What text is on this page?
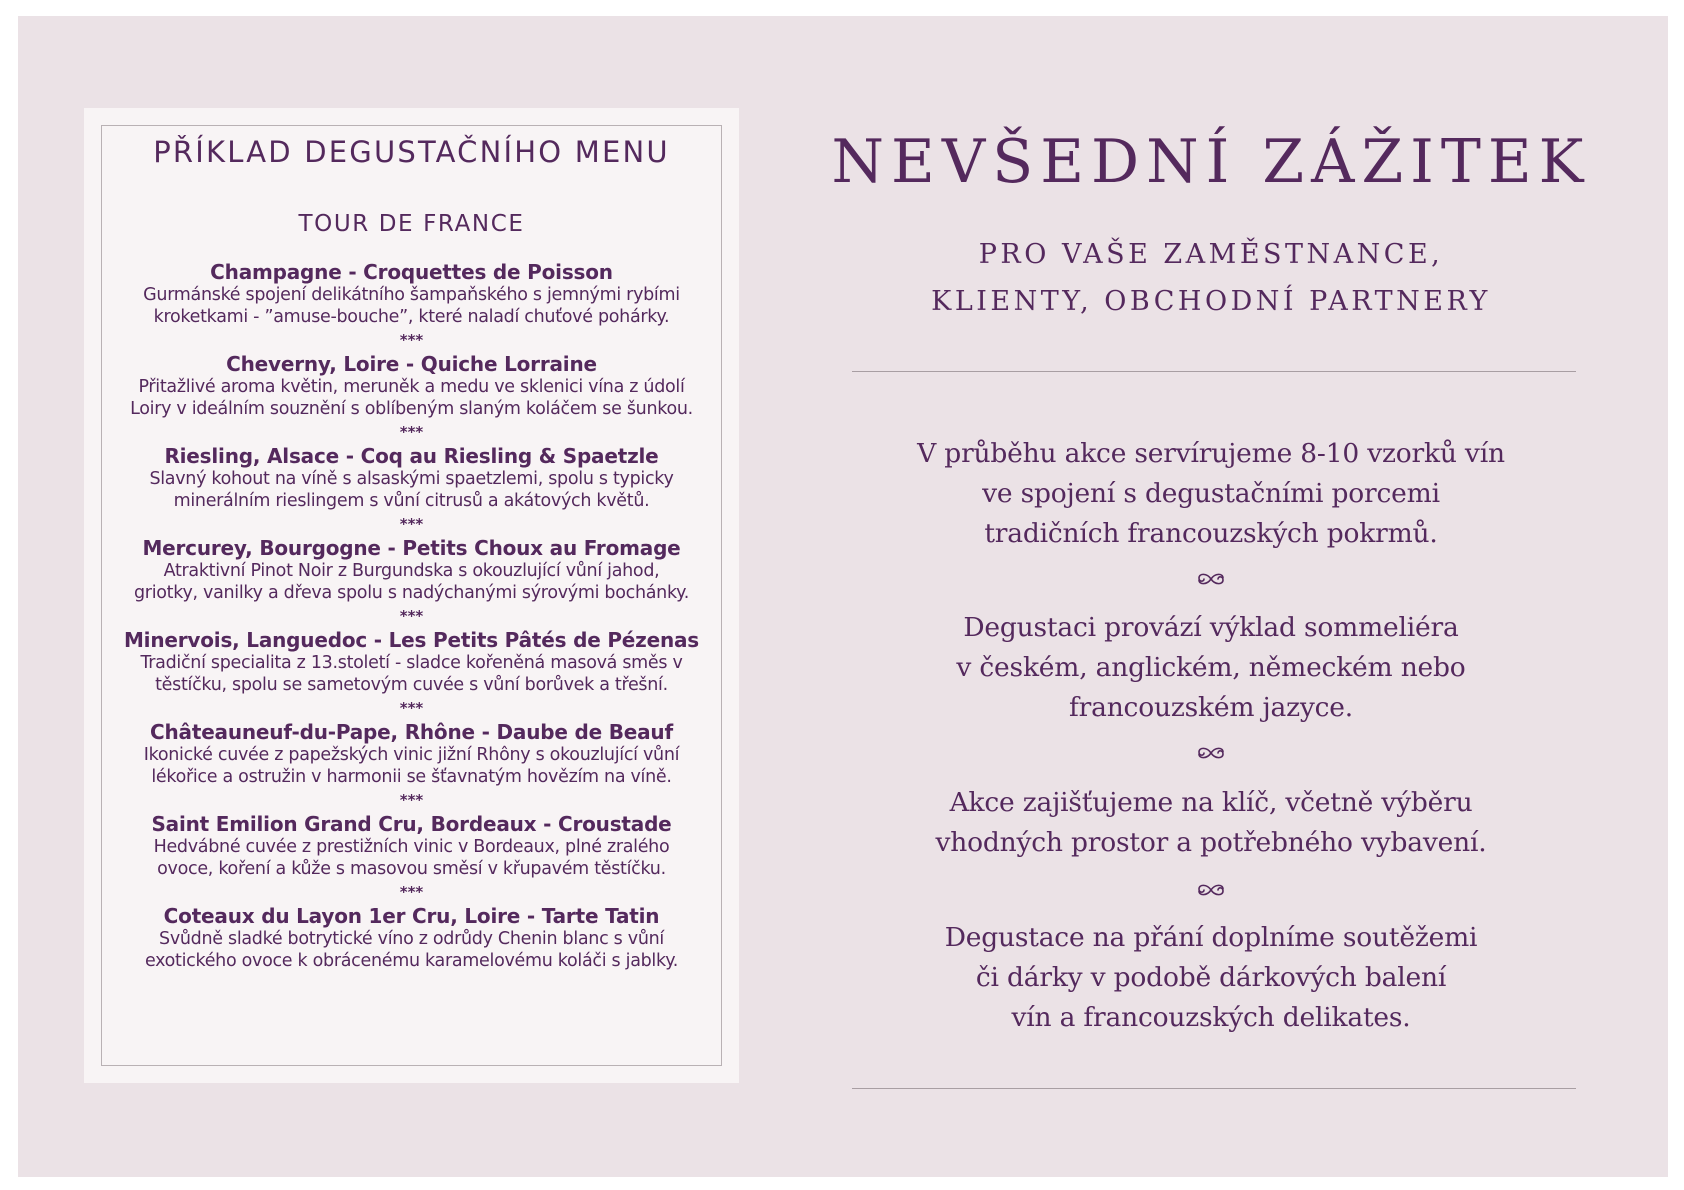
PŘÍKLAD DEGUSTAČNÍHO MENU
TOUR DE FRANCE
Champagne - Croquettes de Poisson
Gurmánské spojení delikátního šampaňského s jemnými rybími
kroketkami - ”amuse-bouche”, které naladí chuťové pohárky.
***
Cheverny, Loire - Quiche Lorraine
Přitažlivé aroma květin, meruněk a medu ve sklenici vína z údolí
Loiry v ideálním souznění s oblíbeným slaným koláčem se šunkou.
***
Riesling, Alsace - Coq au Riesling & Spaetzle
Slavný kohout na víně s alsaskými spaetzlemi, spolu s typicky
minerálním rieslingem s vůní citrusů a akátových květů.
***
Mercurey, Bourgogne - Petits Choux au Fromage
Atraktivní Pinot Noir z Burgundska s okouzlující vůní jahod,
griotky, vanilky a dřeva spolu s nadýchanými sýrovými bochánky.
***
Minervois, Languedoc - Les Petits Pâtés de Pézenas
Tradiční specialita z 13.století - sladce kořeněná masová směs v
těstíčku, spolu se sametovým cuvée s vůní borůvek a třešní.
***
Châteauneuf-du-Pape, Rhône - Daube de Beauf
Ikonické cuvée z papežských vinic jižní Rhôny s okouzlující vůní
lékořice a ostružin v harmonii se šťavnatým hovězím na víně.
***
Saint Emilion Grand Cru, Bordeaux - Croustade
Hedvábné cuvée z prestižních vinic v Bordeaux, plné zralého
ovoce, koření a kůže s masovou směsí v křupavém těstíčku.
***
Coteaux du Layon 1er Cru, Loire - Tarte Tatin
Svůdně sladké botrytické víno z odrůdy Chenin blanc s vůní
exotického ovoce k obrácenému karamelovému koláči s jablky.
NEVŠEDNÍ ZÁŽITEK
PRO VAŠE ZAMĚSTNANCE,
KLIENTY, OBCHODNÍ PARTNERY
V průběhu akce servírujeme 8-10 vzorků vín
ve spojení s degustačními porcemi
tradičních francouzských pokrmů.
Degustaci provází výklad sommeliéra
v českém, anglickém, německém nebo
francouzském jazyce.
Akce zajišťujeme na klíč, včetně výběru
vhodných prostor a potřebného vybavení.
Degustace na přání doplníme soutěžemi
či dárky v podobě dárkových balení
vín a francouzských delikates.
